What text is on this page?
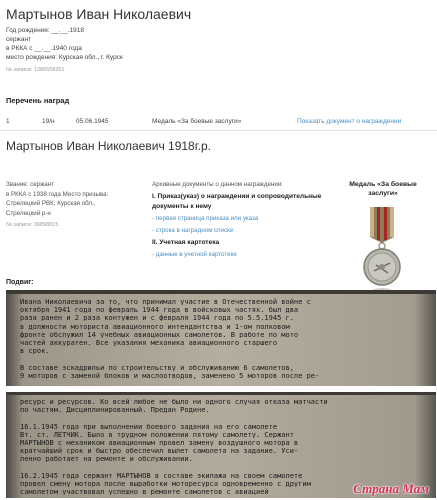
Мартынов Иван Николаевич
Год рождения: __.__.1918
сержант
в РККА с __.__.1940 года
место рождения: Курская обл., г. Курск
№ записи: 1286558251
Перечень наград
1	19/н	05.06.1945	Медаль «За боевые заслуги»	Показать документ о награждении
Мартынов Иван Николаевич 1918г.р.
Звание: сержант
в РККА с 1938 года Место призыва:
Стрелецкий РВК, Курская обл.,
Стрелецкий р-н
№ записи: 36898815
Архивные документы о данном награждении:
I. Приказ(указ) о награждении и сопроводительные документы к нему
- первая страница приказа или указа
- строка в наградном списке
II. Учетная картотека
- данные в учетной картотеке
Медаль «За боевые заслуги»
Подвиг:
Ивана Николаевича за то, что принимал участие в Отечественной войне с
октября 1941 года по февраль 1944 года в войсковых частях. был два
раза ранен и 2 раза контужен и с февраля 1944 года по 5.5.1945 г.
в должности моториста авиационного интендантства и 1-ом полковом
фронте обслужил 14 учебных авиационных самолетов. В работе по мото
частей аккуратен. Все указания механика авиационного старшего
в срок.
В составе эскадрильи по строительству и обслуживанию 6 самолетов,
9 моторов с заменой блоков и маслоотводов, заменено 5 моторов после ре-
ресурс и ресурсов. Ко всей любое не было ни одного случая отказа матчасти
по частям. Дисциплинированный. Предан Родине.
16.1.1945 года при выполнении боевого задания на его самолете
Вт. ст. ЛЕТЧИК. Было в трудном положении пятому самолету. Сержант
МАРТЫНОВ с механиком авиационным провел замену воздушного мотора в
кратчайший срок и быстро обеспечил вылет самолета на задание. Уси-
ленно работает на ремонте и обслуживании.
16.2.1945 года сержант МАРТЫНОВ в составе экипажа на своем самолете
провел смену мотора после выработки моторесурса одновременно с другим
самолетом участвовал успешно в ремонте самолетов с авиацией	Страна Мам
